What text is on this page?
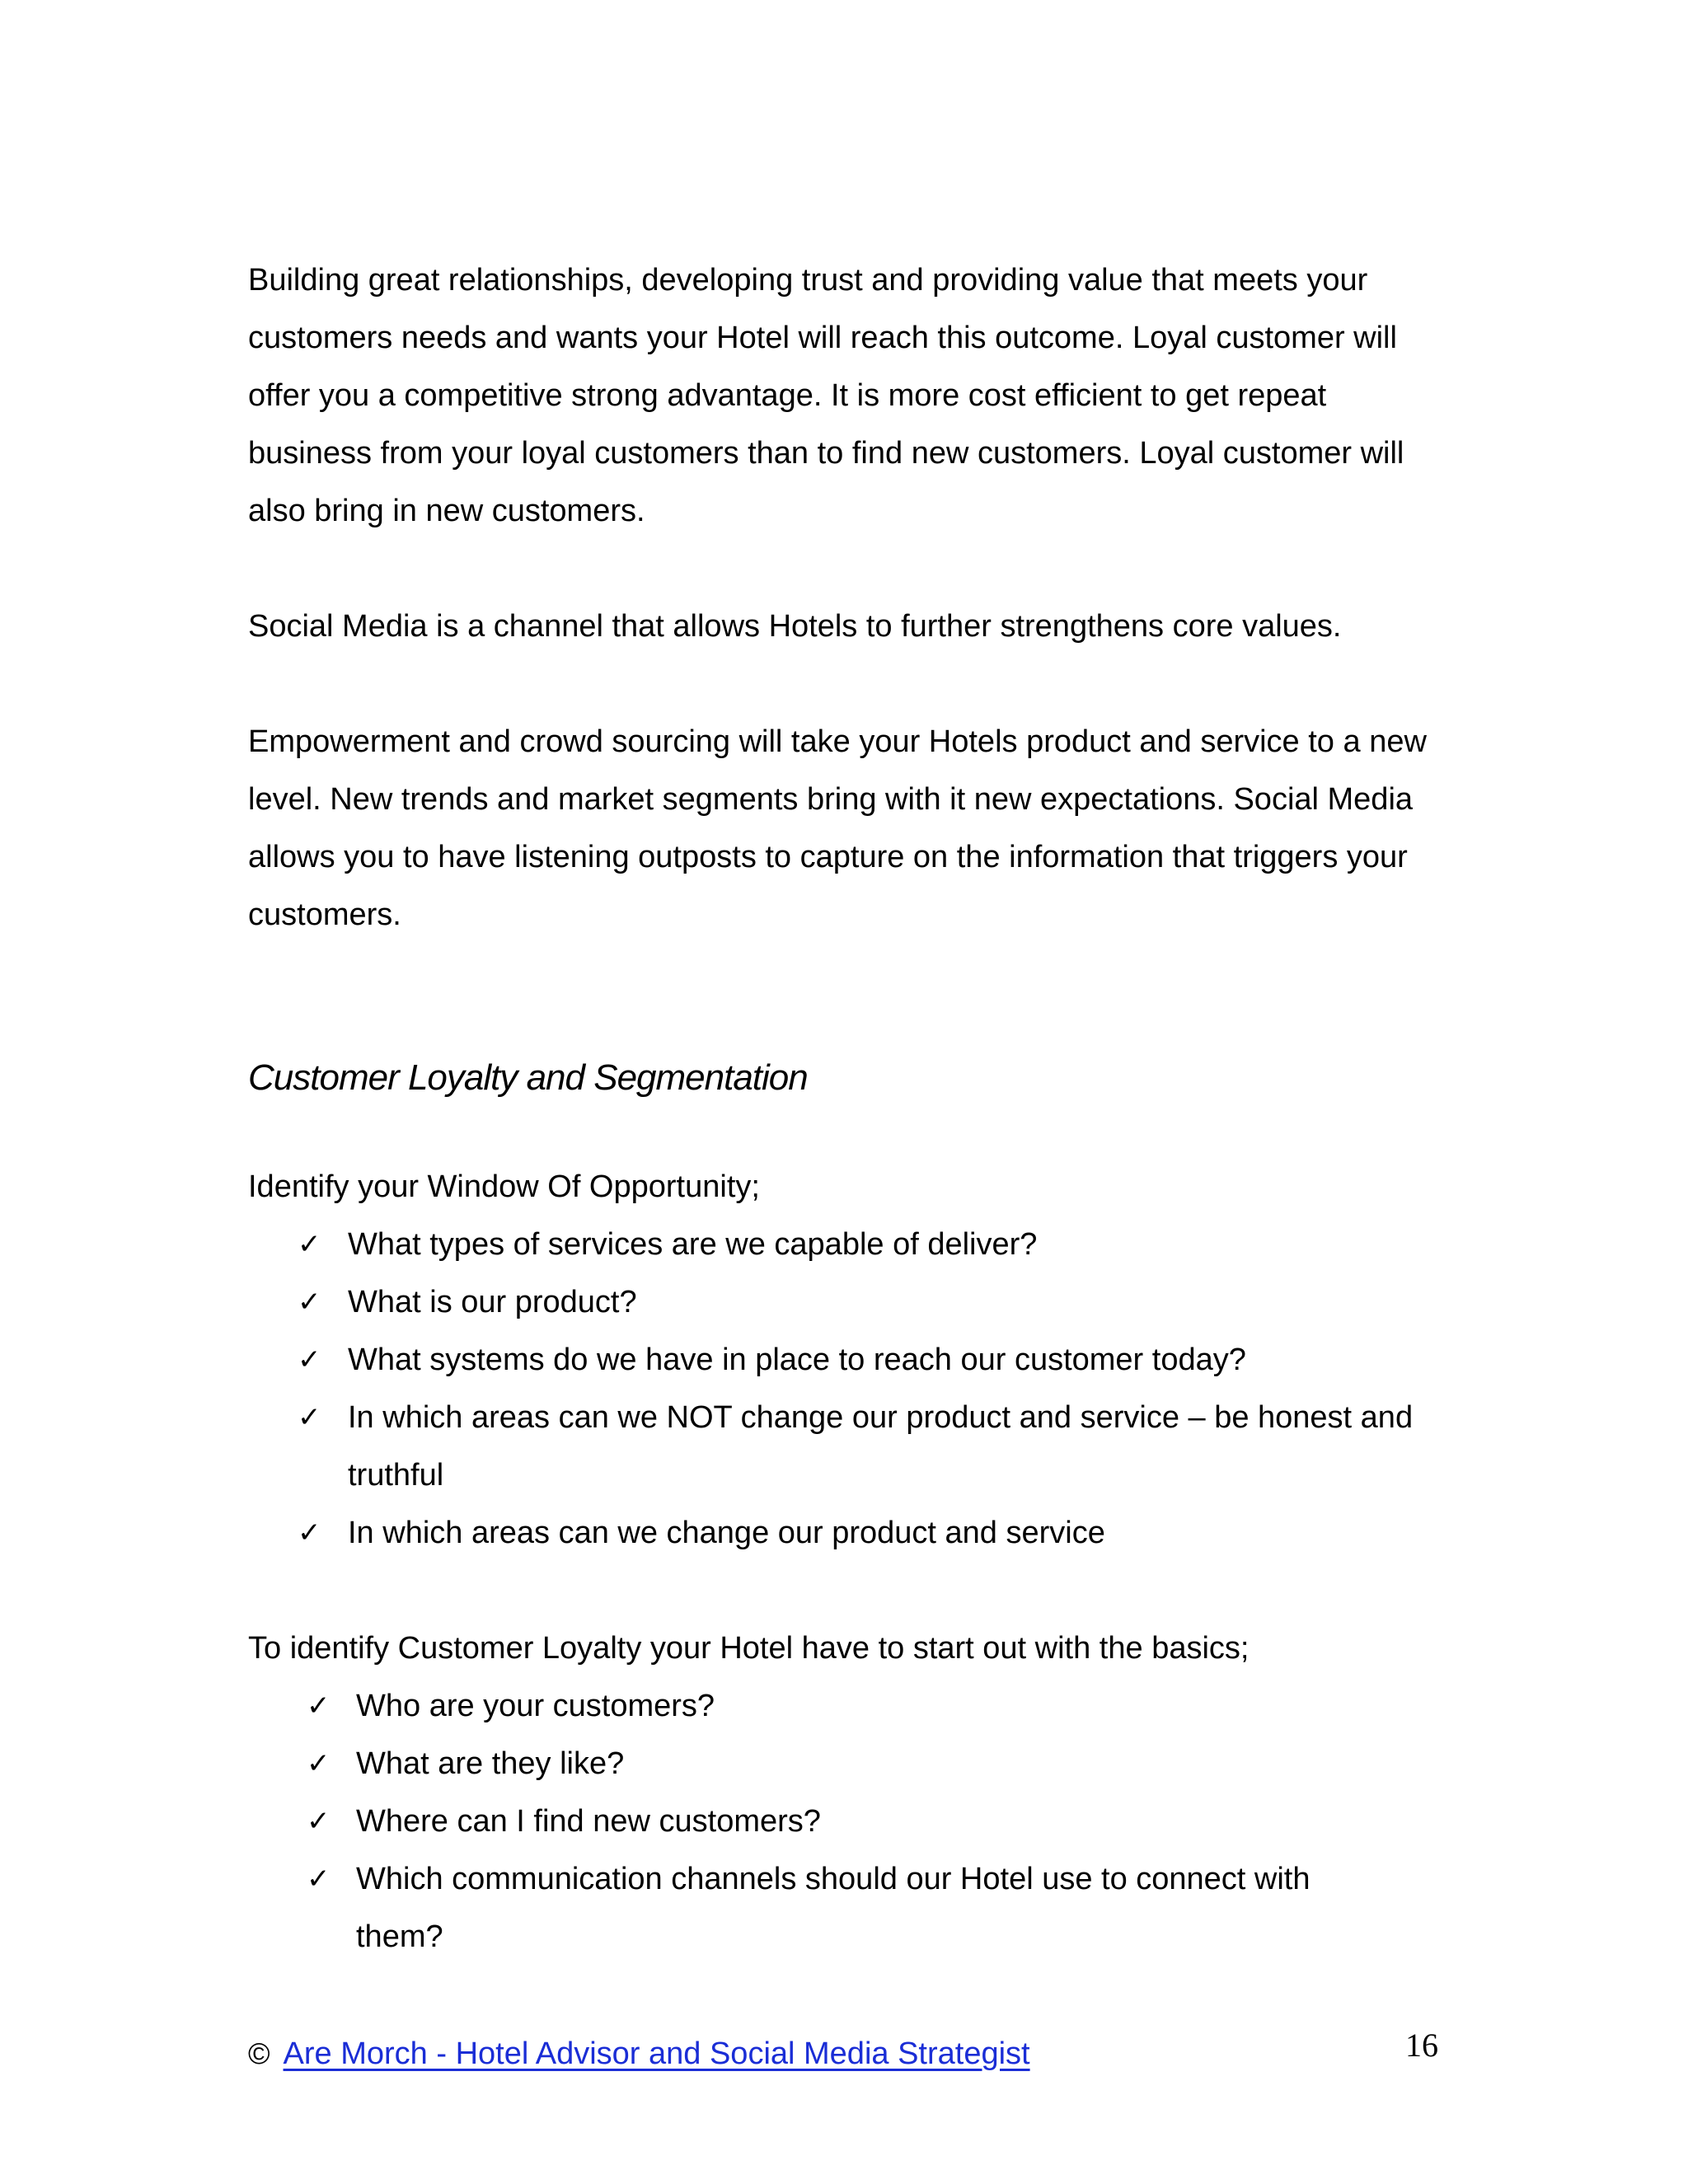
Building great relationships, developing trust and providing value that meets your customers needs and wants your Hotel will reach this outcome. Loyal customer will offer you a competitive strong advantage. It is more cost efficient to get repeat business from your loyal customers than to find new customers. Loyal customer will also bring in new customers.

Social Media is a channel that allows Hotels to further strengthens core values.

Empowerment and crowd sourcing will take your Hotels product and service to a new level. New trends and market segments bring with it new expectations. Social Media allows you to have listening outposts to capture on the information that triggers your customers.

Customer Loyalty and Segmentation

Identify your Window Of Opportunity;

✓ What types of services are we capable of deliver?
✓ What is our product?
✓ What systems do we have in place to reach our customer today?
✓ In which areas can we NOT change our product and service – be honest and truthful
✓ In which areas can we change our product and service

To identify Customer Loyalty your Hotel have to start out with the basics;

✓ Who are your customers?
✓ What are they like?
✓ Where can I find new customers?
✓ Which communication channels should our Hotel use to connect with them?
© Are Morch - Hotel Advisor and Social Media Strategist	16
